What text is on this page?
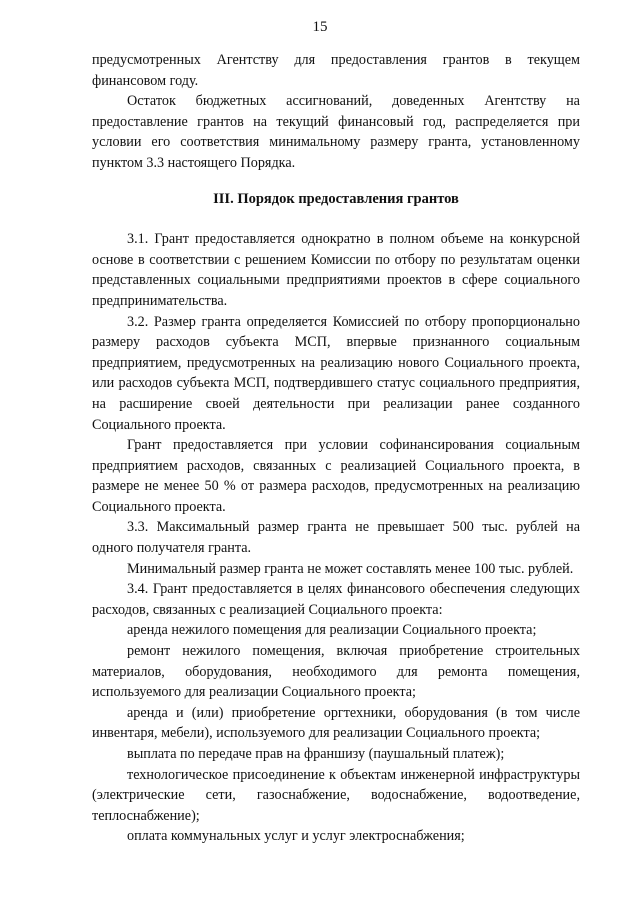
15

предусмотренных Агентству для предоставления грантов в текущем финансовом году.

Остаток бюджетных ассигнований, доведенных Агентству на предоставление грантов на текущий финансовый год, распределяется при условии его соответствия минимальному размеру гранта, установленному пунктом 3.3 настоящего Порядка.

III. Порядок предоставления грантов

3.1. Грант предоставляется однократно в полном объеме на конкурсной основе в соответствии с решением Комиссии по отбору по результатам оценки представленных социальными предприятиями проектов в сфере социального предпринимательства.

3.2. Размер гранта определяется Комиссией по отбору пропорционально размеру расходов субъекта МСП, впервые признанного социальным предприятием, предусмотренных на реализацию нового Социального проекта, или расходов субъекта МСП, подтвердившего статус социального предприятия, на расширение своей деятельности при реализации ранее созданного Социального проекта.

Грант предоставляется при условии софинансирования социальным предприятием расходов, связанных с реализацией Социального проекта, в размере не менее 50 % от размера расходов, предусмотренных на реализацию Социального проекта.

3.3. Максимальный размер гранта не превышает 500 тыс. рублей на одного получателя гранта.

Минимальный размер гранта не может составлять менее 100 тыс. рублей.

3.4. Грант предоставляется в целях финансового обеспечения следующих расходов, связанных с реализацией Социального проекта:

аренда нежилого помещения для реализации Социального проекта;

ремонт нежилого помещения, включая приобретение строительных материалов, оборудования, необходимого для ремонта помещения, используемого для реализации Социального проекта;

аренда и (или) приобретение оргтехники, оборудования (в том числе инвентаря, мебели), используемого для реализации Социального проекта;

выплата по передаче прав на франшизу (паушальный платеж);

технологическое присоединение к объектам инженерной инфраструктуры (электрические сети, газоснабжение, водоснабжение, водоотведение, теплоснабжение);

оплата коммунальных услуг и услуг электроснабжения;
